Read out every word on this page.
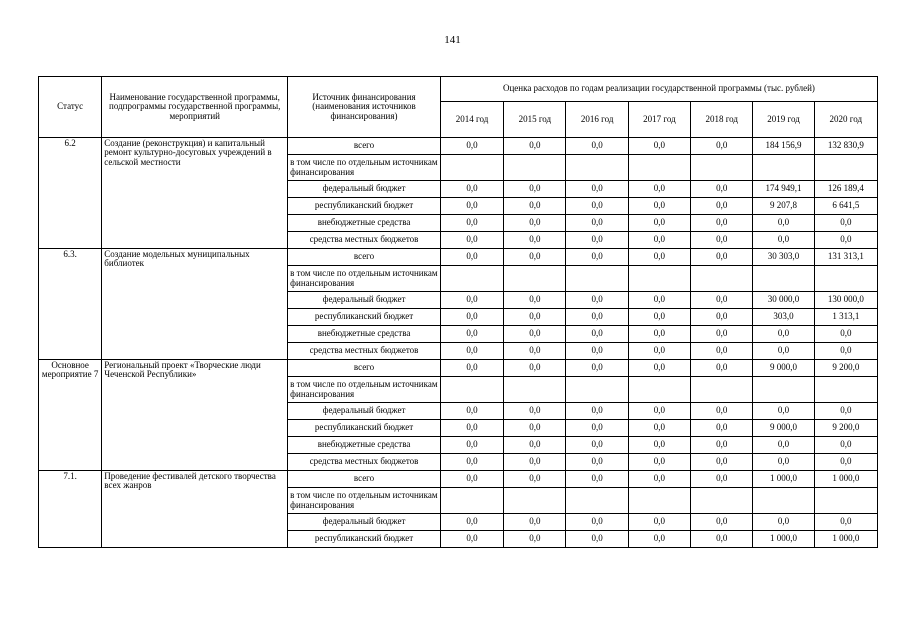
141
Статус	Наименование государственной программы, подпрограммы государственной программы, мероприятий	Источник финансирования (наименования источников финансирования)	Оценка расходов по годам реализации государственной программы (тыс. рублей)						
			2014 год	2015 год	2016 год	2017 год	2018 год	2019 год	2020 год
6.2	Создание (реконструкция) и капитальный ремонт культурно-досуговых учреждений в сельской местности	всего	0,0	0,0	0,0	0,0	0,0	184 156,9	132 830,9
		в том числе по отдельным источникам финансирования							
		федеральный бюджет	0,0	0,0	0,0	0,0	0,0	174 949,1	126 189,4
		республиканский бюджет	0,0	0,0	0,0	0,0	0,0	9 207,8	6 641,5
		внебюджетные средства	0,0	0,0	0,0	0,0	0,0	0,0	0,0
		средства местных бюджетов	0,0	0,0	0,0	0,0	0,0	0,0	0,0
6.3.	Создание модельных муниципальных библиотек	всего	0,0	0,0	0,0	0,0	0,0	30 303,0	131 313,1
		в том числе по отдельным источникам финансирования							
		федеральный бюджет	0,0	0,0	0,0	0,0	0,0	30 000,0	130 000,0
		республиканский бюджет	0,0	0,0	0,0	0,0	0,0	303,0	1 313,1
		внебюджетные средства	0,0	0,0	0,0	0,0	0,0	0,0	0,0
		средства местных бюджетов	0,0	0,0	0,0	0,0	0,0	0,0	0,0
Основное мероприятие 7	Региональный проект «Творческие люди Чеченской Республики»	всего	0,0	0,0	0,0	0,0	0,0	9 000,0	9 200,0
		в том числе по отдельным источникам финансирования							
		федеральный бюджет	0,0	0,0	0,0	0,0	0,0	0,0	0,0
		республиканский бюджет	0,0	0,0	0,0	0,0	0,0	9 000,0	9 200,0
		внебюджетные средства	0,0	0,0	0,0	0,0	0,0	0,0	0,0
		средства местных бюджетов	0,0	0,0	0,0	0,0	0,0	0,0	0,0
7.1.	Проведение фестивалей детского творчества всех жанров	всего	0,0	0,0	0,0	0,0	0,0	1 000,0	1 000,0
		в том числе по отдельным источникам финансирования							
		федеральный бюджет	0,0	0,0	0,0	0,0	0,0	0,0	0,0
		республиканский бюджет	0,0	0,0	0,0	0,0	0,0	1 000,0	1 000,0
